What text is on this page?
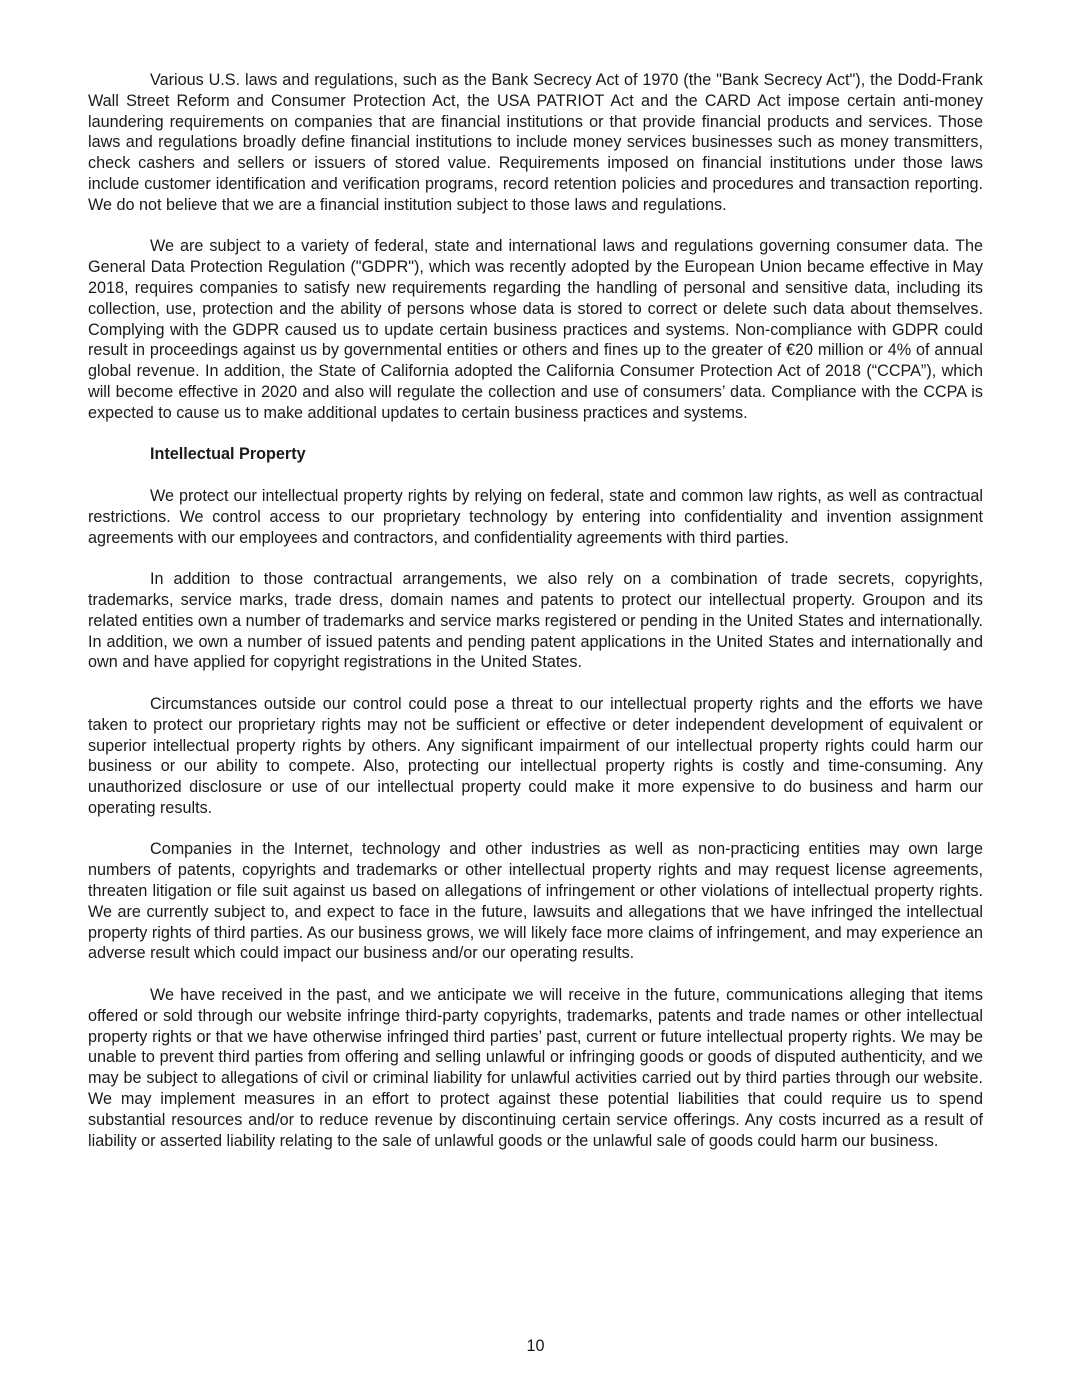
Various U.S. laws and regulations, such as the Bank Secrecy Act of 1970 (the "Bank Secrecy Act"), the Dodd-Frank Wall Street Reform and Consumer Protection Act, the USA PATRIOT Act and the CARD Act impose certain anti-money laundering requirements on companies that are financial institutions or that provide financial products and services. Those laws and regulations broadly define financial institutions to include money services businesses such as money transmitters, check cashers and sellers or issuers of stored value. Requirements imposed on financial institutions under those laws include customer identification and verification programs, record retention policies and procedures and transaction reporting. We do not believe that we are a financial institution subject to those laws and regulations.

We are subject to a variety of federal, state and international laws and regulations governing consumer data. The General Data Protection Regulation ("GDPR"), which was recently adopted by the European Union became effective in May 2018, requires companies to satisfy new requirements regarding the handling of personal and sensitive data, including its collection, use, protection and the ability of persons whose data is stored to correct or delete such data about themselves. Complying with the GDPR caused us to update certain business practices and systems. Non-compliance with GDPR could result in proceedings against us by governmental entities or others and fines up to the greater of €20 million or 4% of annual global revenue. In addition, the State of California adopted the California Consumer Protection Act of 2018 (“CCPA”), which will become effective in 2020 and also will regulate the collection and use of consumers’ data. Compliance with the CCPA is expected to cause us to make additional updates to certain business practices and systems.

Intellectual Property

We protect our intellectual property rights by relying on federal, state and common law rights, as well as contractual restrictions. We control access to our proprietary technology by entering into confidentiality and invention assignment agreements with our employees and contractors, and confidentiality agreements with third parties.

In addition to those contractual arrangements, we also rely on a combination of trade secrets, copyrights, trademarks, service marks, trade dress, domain names and patents to protect our intellectual property. Groupon and its related entities own a number of trademarks and service marks registered or pending in the United States and internationally. In addition, we own a number of issued patents and pending patent applications in the United States and internationally and own and have applied for copyright registrations in the United States.

Circumstances outside our control could pose a threat to our intellectual property rights and the efforts we have taken to protect our proprietary rights may not be sufficient or effective or deter independent development of equivalent or superior intellectual property rights by others. Any significant impairment of our intellectual property rights could harm our business or our ability to compete. Also, protecting our intellectual property rights is costly and time-consuming. Any unauthorized disclosure or use of our intellectual property could make it more expensive to do business and harm our operating results.

Companies in the Internet, technology and other industries as well as non-practicing entities may own large numbers of patents, copyrights and trademarks or other intellectual property rights and may request license agreements, threaten litigation or file suit against us based on allegations of infringement or other violations of intellectual property rights. We are currently subject to, and expect to face in the future, lawsuits and allegations that we have infringed the intellectual property rights of third parties. As our business grows, we will likely face more claims of infringement, and may experience an adverse result which could impact our business and/or our operating results.

We have received in the past, and we anticipate we will receive in the future, communications alleging that items offered or sold through our website infringe third-party copyrights, trademarks, patents and trade names or other intellectual property rights or that we have otherwise infringed third parties’ past, current or future intellectual property rights. We may be unable to prevent third parties from offering and selling unlawful or infringing goods or goods of disputed authenticity, and we may be subject to allegations of civil or criminal liability for unlawful activities carried out by third parties through our website. We may implement measures in an effort to protect against these potential liabilities that could require us to spend substantial resources and/or to reduce revenue by discontinuing certain service offerings. Any costs incurred as a result of liability or asserted liability relating to the sale of unlawful goods or the unlawful sale of goods could harm our business.

10
